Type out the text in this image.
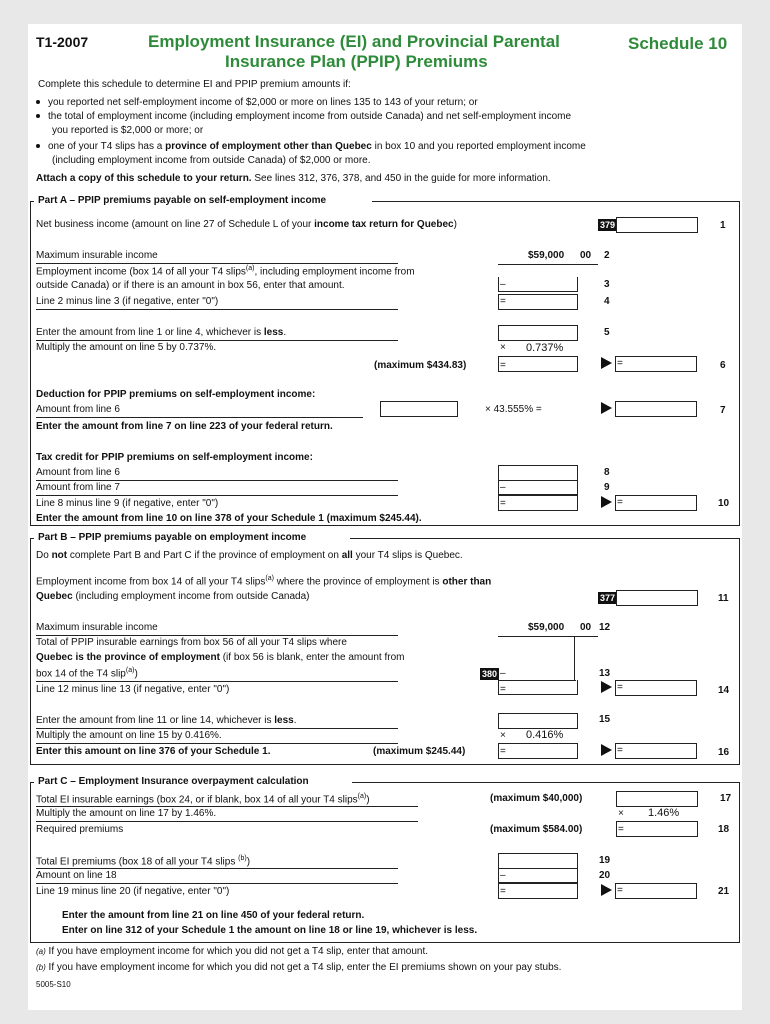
T1-2007	Employment Insurance (EI) and Provincial Parental
Insurance Plan (PPIP) Premiums
Schedule 10
Complete this schedule to determine EI and PPIP premium amounts if:
you reported net self-employment income of $2,000 or more on lines 135 to 143 of your return; or
the total of employment income (including employment income from outside Canada) and net self-employment income
you reported is $2,000 or more; or
one of your T4 slips has a province of employment other than Quebec in box 10 and you reported employment income
(including employment income from outside Canada) of $2,000 or more.
Attach a copy of this schedule to your return. See lines 312, 376, 378, and 450 in the guide for more information.
Part A – PPIP premiums payable on self-employment income
Net business income (amount on line 27 of Schedule L of your income tax return for Quebec)	379	1
Maximum insurable income	$59,000 00 2
Employment income (box 14 of all your T4 slips$^{(a)}$, including employment income from
outside Canada) or if there is an amount in box 56, enter that amount.	–	3
Line 2 minus line 3 (if negative, enter "0")	=	4
Enter the amount from line 1 or line 4, whichever is less.	5
Multiply the amount on line 5 by 0.737%.	× 0.737%
(maximum $434.83)	=	=	6
Deduction for PPIP premiums on self-employment income:
Amount from line 6	× 43.555% =	7
Enter the amount from line 7 on line 223 of your federal return.
Tax credit for PPIP premiums on self-employment income:
Amount from line 6	8
Amount from line 7	–	9
Line 8 minus line 9 (if negative, enter "0")	=	=	10
Enter the amount from line 10 on line 378 of your Schedule 1 (maximum $245.44).
Part B – PPIP premiums payable on employment income
Do not complete Part B and Part C if the province of employment on all your T4 slips is Quebec.
Employment income from box 14 of all your T4 slips$^{(a)}$ where the province of employment is other than
Quebec (including employment income from outside Canada)	377	11
Maximum insurable income	$59,000 00 12
Total of PPIP insurable earnings from box 56 of all your T4 slips where
Quebec is the province of employment (if box 56 is blank, enter the amount from
box 14 of the T4 slip$^{(a)}$)	380 –	13
Line 12 minus line 13 (if negative, enter "0")	=	=	14
Enter the amount from line 11 or line 14, whichever is less.	15
Multiply the amount on line 15 by 0.416%.	× 0.416%
Enter this amount on line 376 of your Schedule 1.	(maximum $245.44)	=	=	16
Part C – Employment Insurance overpayment calculation
Total EI insurable earnings (box 24, or if blank, box 14 of all your T4 slips$^{(a)}$)	(maximum $40,000)	17
Multiply the amount on line 17 by 1.46%.	× 1.46%
Required premiums	(maximum $584.00)	=	18
Total EI premiums (box 18 of all your T4 slips $^{(b)}$)	19
Amount on line 18	–	20
Line 19 minus line 20 (if negative, enter "0")	=	=	21
Enter the amount from line 21 on line 450 of your federal return.
Enter on line 312 of your Schedule 1 the amount on line 18 or line 19, whichever is less.
(a) If you have employment income for which you did not get a T4 slip, enter that amount.
(b) If you have employment income for which you did not get a T4 slip, enter the EI premiums shown on your pay stubs.
5005-S10
